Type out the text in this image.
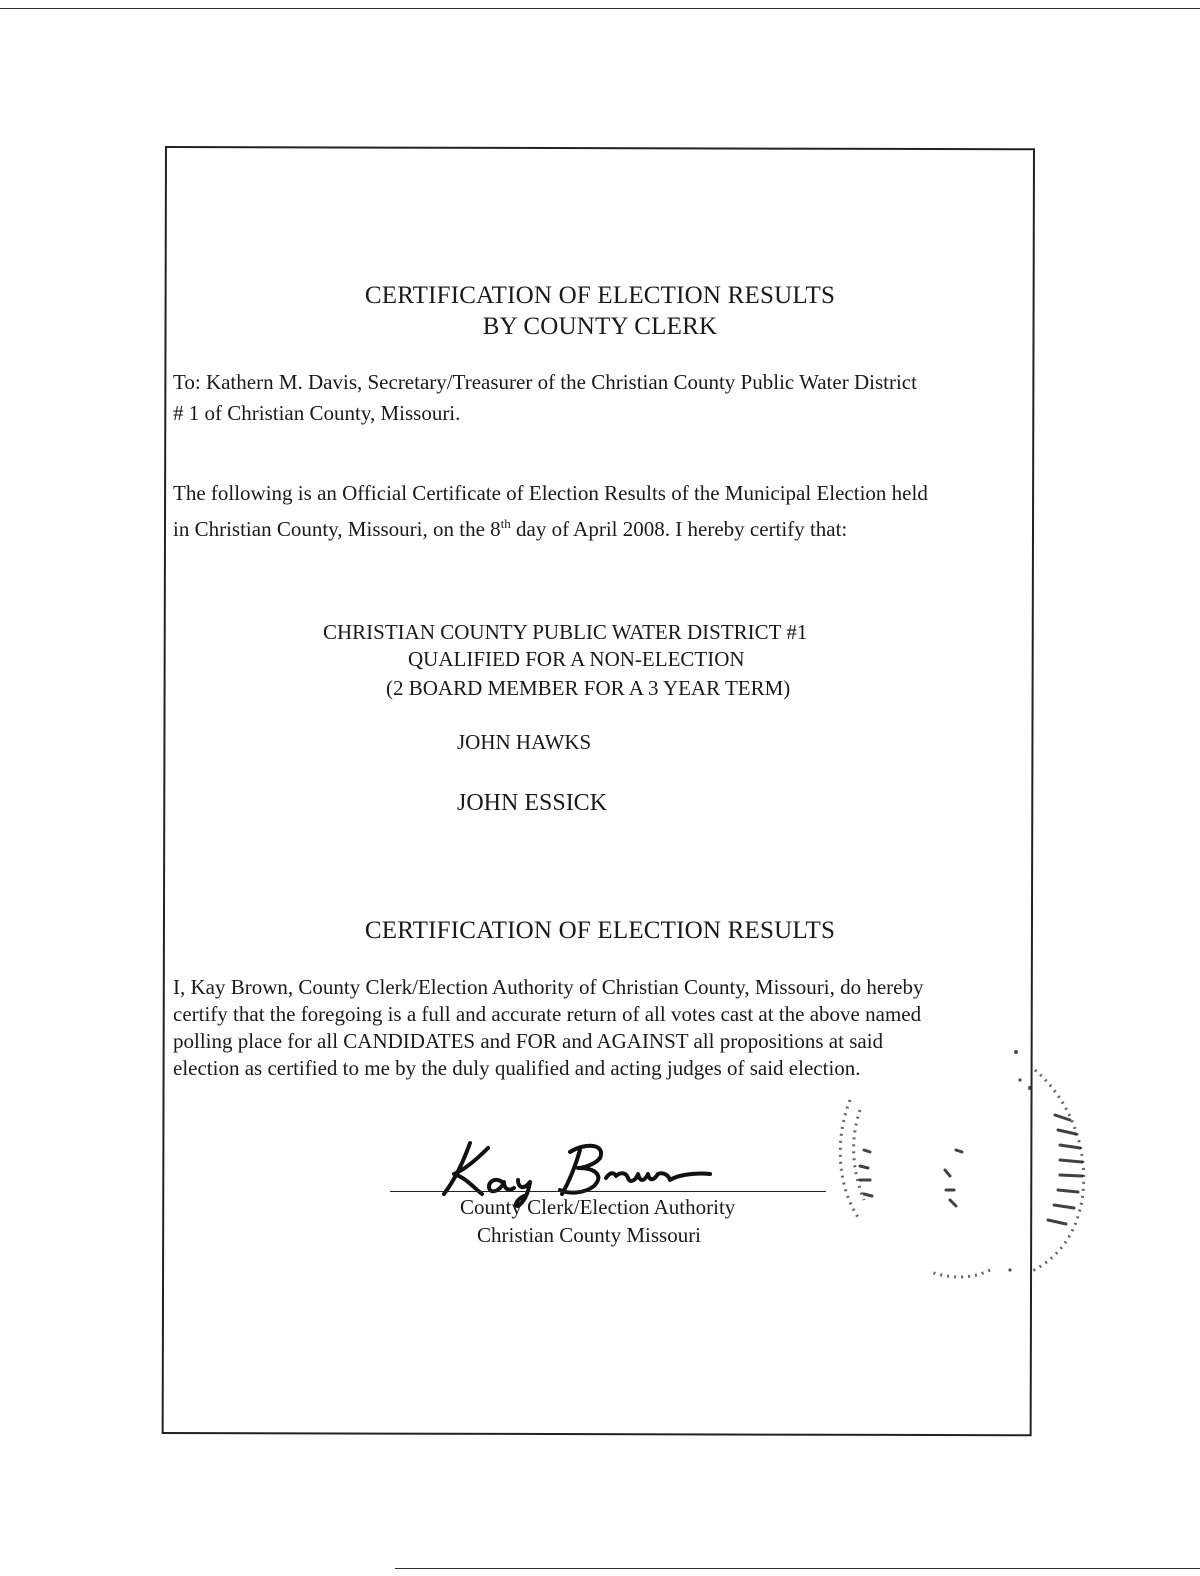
CERTIFICATION OF ELECTION RESULTS
BY COUNTY CLERK
To: Kathern M. Davis, Secretary/Treasurer of the Christian County Public Water District
# 1 of Christian County, Missouri.
The following is an Official Certificate of Election Results of the Municipal Election held
in Christian County, Missouri, on the 8th day of April 2008. I hereby certify that:
CHRISTIAN COUNTY PUBLIC WATER DISTRICT #1
QUALIFIED FOR A NON-ELECTION
(2 BOARD MEMBER FOR A 3 YEAR TERM)
JOHN HAWKS
JOHN ESSICK
CERTIFICATION OF ELECTION RESULTS
I, Kay Brown, County Clerk/Election Authority of Christian County, Missouri, do hereby
certify that the foregoing is a full and accurate return of all votes cast at the above named
polling place for all CANDIDATES and FOR and AGAINST all propositions at said
election as certified to me by the duly qualified and acting judges of said election.
County Clerk/Election Authority
Christian County Missouri
